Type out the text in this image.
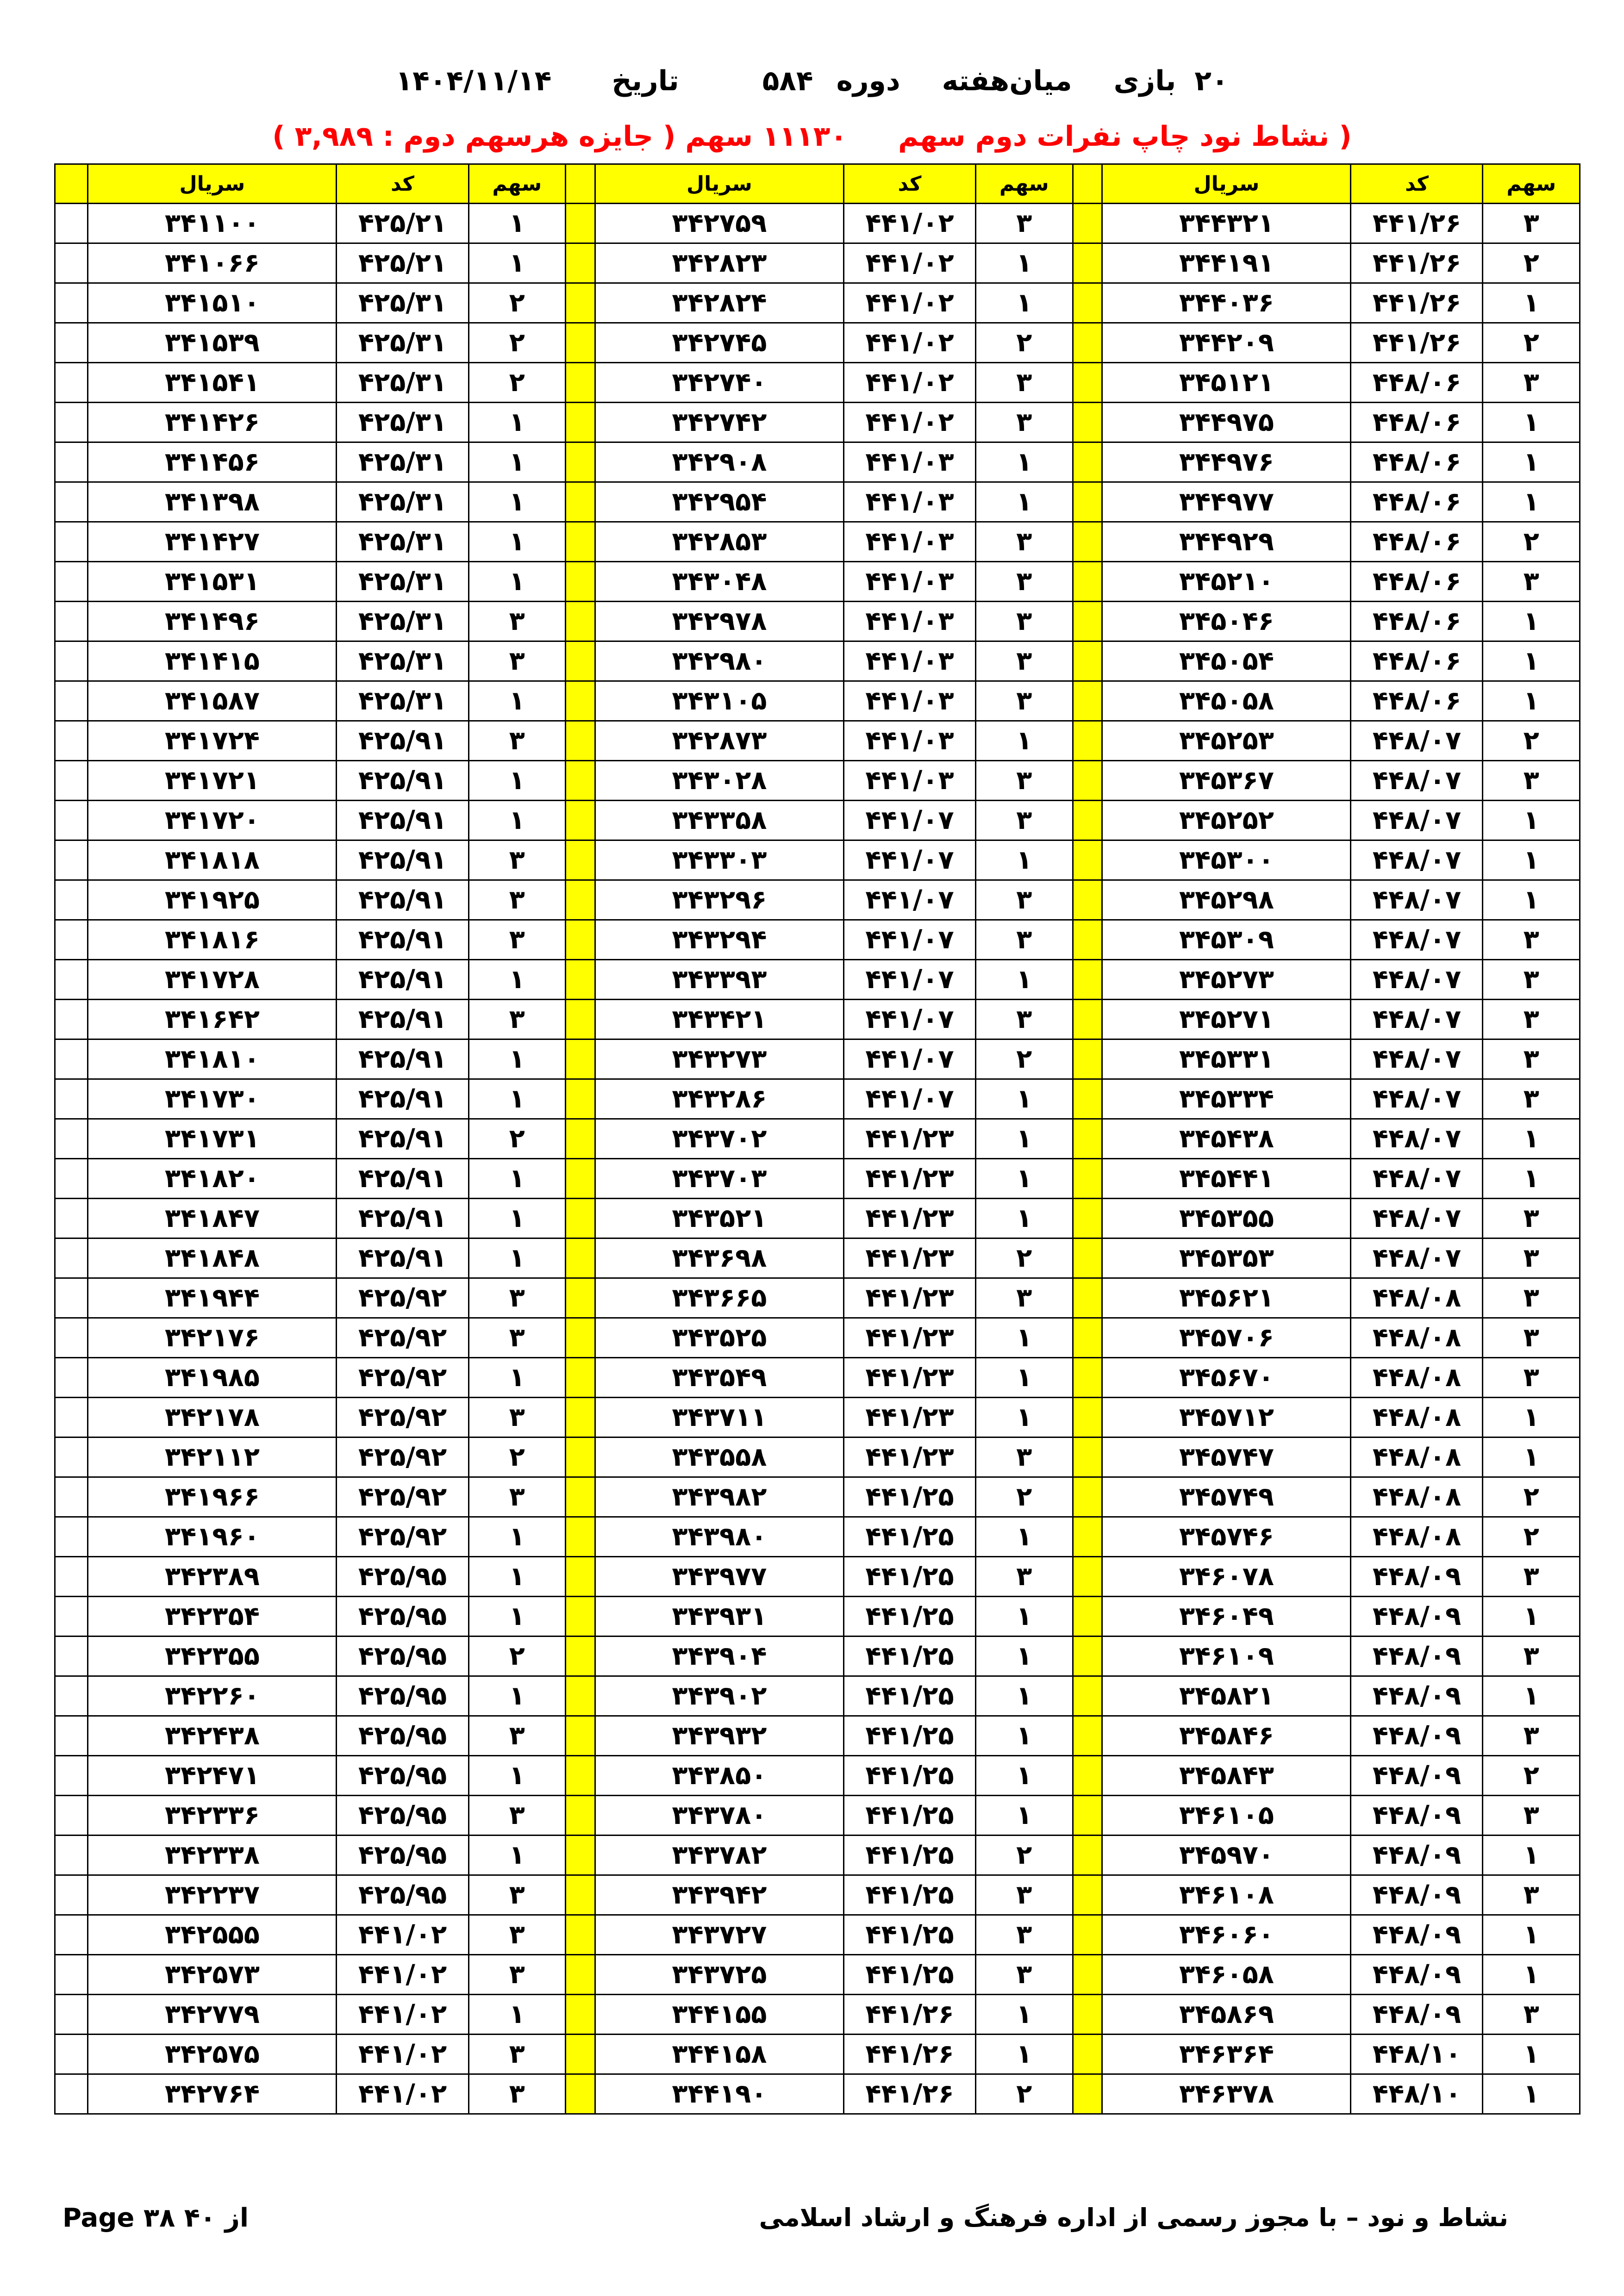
۲۰
بازی
میان‌هفته
دوره
۵۸۴
تاریخ
۱۴۰۴/۱۱/۱۴
( نشاط نود چاپ نفرات دوم سهم
۱۱۱۳۰ سهم ( جایزه هرسهم دوم : ۳,۹۸۹ )
سهم	کد	سریال		سهم	کد	سریال		سهم	کد	سریال	
۳	۴۴۱/۲۶	۳۴۴۳۲۱		۳	۴۴۱/۰۲	۳۴۲۷۵۹		۱	۴۲۵/۲۱	۳۴۱۱۰۰	
۲	۴۴۱/۲۶	۳۴۴۱۹۱		۱	۴۴۱/۰۲	۳۴۲۸۲۳		۱	۴۲۵/۲۱	۳۴۱۰۶۶	
۱	۴۴۱/۲۶	۳۴۴۰۳۶		۱	۴۴۱/۰۲	۳۴۲۸۲۴		۲	۴۲۵/۳۱	۳۴۱۵۱۰	
۲	۴۴۱/۲۶	۳۴۴۲۰۹		۲	۴۴۱/۰۲	۳۴۲۷۴۵		۲	۴۲۵/۳۱	۳۴۱۵۳۹	
۳	۴۴۸/۰۶	۳۴۵۱۲۱		۳	۴۴۱/۰۲	۳۴۲۷۴۰		۲	۴۲۵/۳۱	۳۴۱۵۴۱	
۱	۴۴۸/۰۶	۳۴۴۹۷۵		۳	۴۴۱/۰۲	۳۴۲۷۴۲		۱	۴۲۵/۳۱	۳۴۱۴۲۶	
۱	۴۴۸/۰۶	۳۴۴۹۷۶		۱	۴۴۱/۰۳	۳۴۲۹۰۸		۱	۴۲۵/۳۱	۳۴۱۴۵۶	
۱	۴۴۸/۰۶	۳۴۴۹۷۷		۱	۴۴۱/۰۳	۳۴۲۹۵۴		۱	۴۲۵/۳۱	۳۴۱۳۹۸	
۲	۴۴۸/۰۶	۳۴۴۹۲۹		۳	۴۴۱/۰۳	۳۴۲۸۵۳		۱	۴۲۵/۳۱	۳۴۱۴۲۷	
۳	۴۴۸/۰۶	۳۴۵۲۱۰		۳	۴۴۱/۰۳	۳۴۳۰۴۸		۱	۴۲۵/۳۱	۳۴۱۵۳۱	
۱	۴۴۸/۰۶	۳۴۵۰۴۶		۳	۴۴۱/۰۳	۳۴۲۹۷۸		۳	۴۲۵/۳۱	۳۴۱۴۹۶	
۱	۴۴۸/۰۶	۳۴۵۰۵۴		۳	۴۴۱/۰۳	۳۴۲۹۸۰		۳	۴۲۵/۳۱	۳۴۱۴۱۵	
۱	۴۴۸/۰۶	۳۴۵۰۵۸		۳	۴۴۱/۰۳	۳۴۳۱۰۵		۱	۴۲۵/۳۱	۳۴۱۵۸۷	
۲	۴۴۸/۰۷	۳۴۵۲۵۳		۱	۴۴۱/۰۳	۳۴۲۸۷۳		۳	۴۲۵/۹۱	۳۴۱۷۲۴	
۳	۴۴۸/۰۷	۳۴۵۳۶۷		۳	۴۴۱/۰۳	۳۴۳۰۲۸		۱	۴۲۵/۹۱	۳۴۱۷۲۱	
۱	۴۴۸/۰۷	۳۴۵۲۵۲		۳	۴۴۱/۰۷	۳۴۳۳۵۸		۱	۴۲۵/۹۱	۳۴۱۷۲۰	
۱	۴۴۸/۰۷	۳۴۵۳۰۰		۱	۴۴۱/۰۷	۳۴۳۳۰۳		۳	۴۲۵/۹۱	۳۴۱۸۱۸	
۱	۴۴۸/۰۷	۳۴۵۲۹۸		۳	۴۴۱/۰۷	۳۴۳۲۹۶		۳	۴۲۵/۹۱	۳۴۱۹۲۵	
۳	۴۴۸/۰۷	۳۴۵۳۰۹		۳	۴۴۱/۰۷	۳۴۳۲۹۴		۳	۴۲۵/۹۱	۳۴۱۸۱۶	
۳	۴۴۸/۰۷	۳۴۵۲۷۳		۱	۴۴۱/۰۷	۳۴۳۳۹۳		۱	۴۲۵/۹۱	۳۴۱۷۲۸	
۳	۴۴۸/۰۷	۳۴۵۲۷۱		۳	۴۴۱/۰۷	۳۴۳۴۲۱		۳	۴۲۵/۹۱	۳۴۱۶۴۲	
۳	۴۴۸/۰۷	۳۴۵۳۳۱		۲	۴۴۱/۰۷	۳۴۳۲۷۳		۱	۴۲۵/۹۱	۳۴۱۸۱۰	
۳	۴۴۸/۰۷	۳۴۵۳۳۴		۱	۴۴۱/۰۷	۳۴۳۲۸۶		۱	۴۲۵/۹۱	۳۴۱۷۳۰	
۱	۴۴۸/۰۷	۳۴۵۴۳۸		۱	۴۴۱/۲۳	۳۴۳۷۰۲		۲	۴۲۵/۹۱	۳۴۱۷۳۱	
۱	۴۴۸/۰۷	۳۴۵۴۴۱		۱	۴۴۱/۲۳	۳۴۳۷۰۳		۱	۴۲۵/۹۱	۳۴۱۸۲۰	
۳	۴۴۸/۰۷	۳۴۵۳۵۵		۱	۴۴۱/۲۳	۳۴۳۵۲۱		۱	۴۲۵/۹۱	۳۴۱۸۴۷	
۳	۴۴۸/۰۷	۳۴۵۳۵۳		۲	۴۴۱/۲۳	۳۴۳۶۹۸		۱	۴۲۵/۹۱	۳۴۱۸۴۸	
۳	۴۴۸/۰۸	۳۴۵۶۲۱		۳	۴۴۱/۲۳	۳۴۳۶۶۵		۳	۴۲۵/۹۲	۳۴۱۹۴۴	
۳	۴۴۸/۰۸	۳۴۵۷۰۶		۱	۴۴۱/۲۳	۳۴۳۵۲۵		۳	۴۲۵/۹۲	۳۴۲۱۷۶	
۳	۴۴۸/۰۸	۳۴۵۶۷۰		۱	۴۴۱/۲۳	۳۴۳۵۴۹		۱	۴۲۵/۹۲	۳۴۱۹۸۵	
۱	۴۴۸/۰۸	۳۴۵۷۱۲		۱	۴۴۱/۲۳	۳۴۳۷۱۱		۳	۴۲۵/۹۲	۳۴۲۱۷۸	
۱	۴۴۸/۰۸	۳۴۵۷۴۷		۳	۴۴۱/۲۳	۳۴۳۵۵۸		۲	۴۲۵/۹۲	۳۴۲۱۱۲	
۲	۴۴۸/۰۸	۳۴۵۷۴۹		۲	۴۴۱/۲۵	۳۴۳۹۸۲		۳	۴۲۵/۹۲	۳۴۱۹۶۶	
۲	۴۴۸/۰۸	۳۴۵۷۴۶		۱	۴۴۱/۲۵	۳۴۳۹۸۰		۱	۴۲۵/۹۲	۳۴۱۹۶۰	
۳	۴۴۸/۰۹	۳۴۶۰۷۸		۳	۴۴۱/۲۵	۳۴۳۹۷۷		۱	۴۲۵/۹۵	۳۴۲۳۸۹	
۱	۴۴۸/۰۹	۳۴۶۰۴۹		۱	۴۴۱/۲۵	۳۴۳۹۳۱		۱	۴۲۵/۹۵	۳۴۲۳۵۴	
۳	۴۴۸/۰۹	۳۴۶۱۰۹		۱	۴۴۱/۲۵	۳۴۳۹۰۴		۲	۴۲۵/۹۵	۳۴۲۳۵۵	
۱	۴۴۸/۰۹	۳۴۵۸۲۱		۱	۴۴۱/۲۵	۳۴۳۹۰۲		۱	۴۲۵/۹۵	۳۴۲۲۶۰	
۳	۴۴۸/۰۹	۳۴۵۸۴۶		۱	۴۴۱/۲۵	۳۴۳۹۳۲		۳	۴۲۵/۹۵	۳۴۲۴۳۸	
۲	۴۴۸/۰۹	۳۴۵۸۴۳		۱	۴۴۱/۲۵	۳۴۳۸۵۰		۱	۴۲۵/۹۵	۳۴۲۴۷۱	
۳	۴۴۸/۰۹	۳۴۶۱۰۵		۱	۴۴۱/۲۵	۳۴۳۷۸۰		۳	۴۲۵/۹۵	۳۴۲۳۳۶	
۱	۴۴۸/۰۹	۳۴۵۹۷۰		۲	۴۴۱/۲۵	۳۴۳۷۸۲		۱	۴۲۵/۹۵	۳۴۲۳۳۸	
۳	۴۴۸/۰۹	۳۴۶۱۰۸		۳	۴۴۱/۲۵	۳۴۳۹۴۲		۳	۴۲۵/۹۵	۳۴۲۲۳۷	
۱	۴۴۸/۰۹	۳۴۶۰۶۰		۳	۴۴۱/۲۵	۳۴۳۷۲۷		۳	۴۴۱/۰۲	۳۴۲۵۵۵	
۱	۴۴۸/۰۹	۳۴۶۰۵۸		۳	۴۴۱/۲۵	۳۴۳۷۲۵		۳	۴۴۱/۰۲	۳۴۲۵۷۳	
۳	۴۴۸/۰۹	۳۴۵۸۶۹		۱	۴۴۱/۲۶	۳۴۴۱۵۵		۱	۴۴۱/۰۲	۳۴۲۷۷۹	
۱	۴۴۸/۱۰	۳۴۶۳۶۴		۱	۴۴۱/۲۶	۳۴۴۱۵۸		۳	۴۴۱/۰۲	۳۴۲۵۷۵	
۱	۴۴۸/۱۰	۳۴۶۳۷۸		۲	۴۴۱/۲۶	۳۴۴۱۹۰		۳	۴۴۱/۰۲	۳۴۲۷۶۴	
نشاط و نود – با مجوز رسمی از اداره فرهنگ و ارشاد اسلامی
Page ۳۸ ۴۰ از
